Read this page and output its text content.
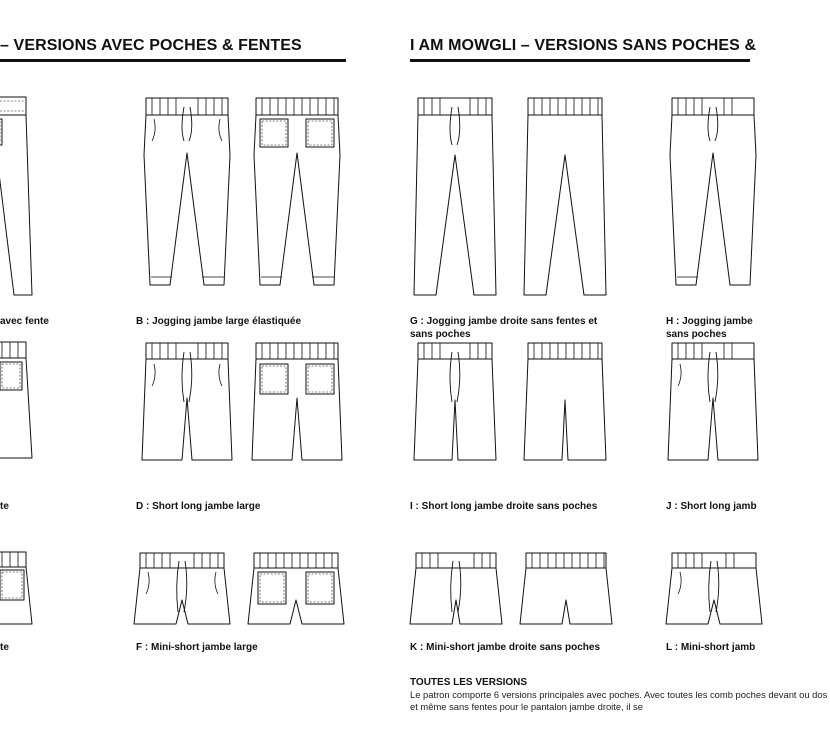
– VERSIONS AVEC POCHES & FENTES	I AM MOWGLI – VERSIONS SANS POCHES &
avec fente	B : Jogging jambe large élastiquée	G : Jogging jambe droite sans fentes et
sans poches
H : Jogging jambe
sans poches
te	D : Short long jambe large	I : Short long jambe droite sans poches	J : Short long jamb
te	F : Mini-short jambe large	K : Mini-short jambe droite sans poches	L : Mini-short jamb
TOUTES LES VERSIONS

Le patron comporte 6 versions principales avec poches. Avec toutes les comb poches devant ou dos et même sans fentes pour le pantalon jambe droite, il se
